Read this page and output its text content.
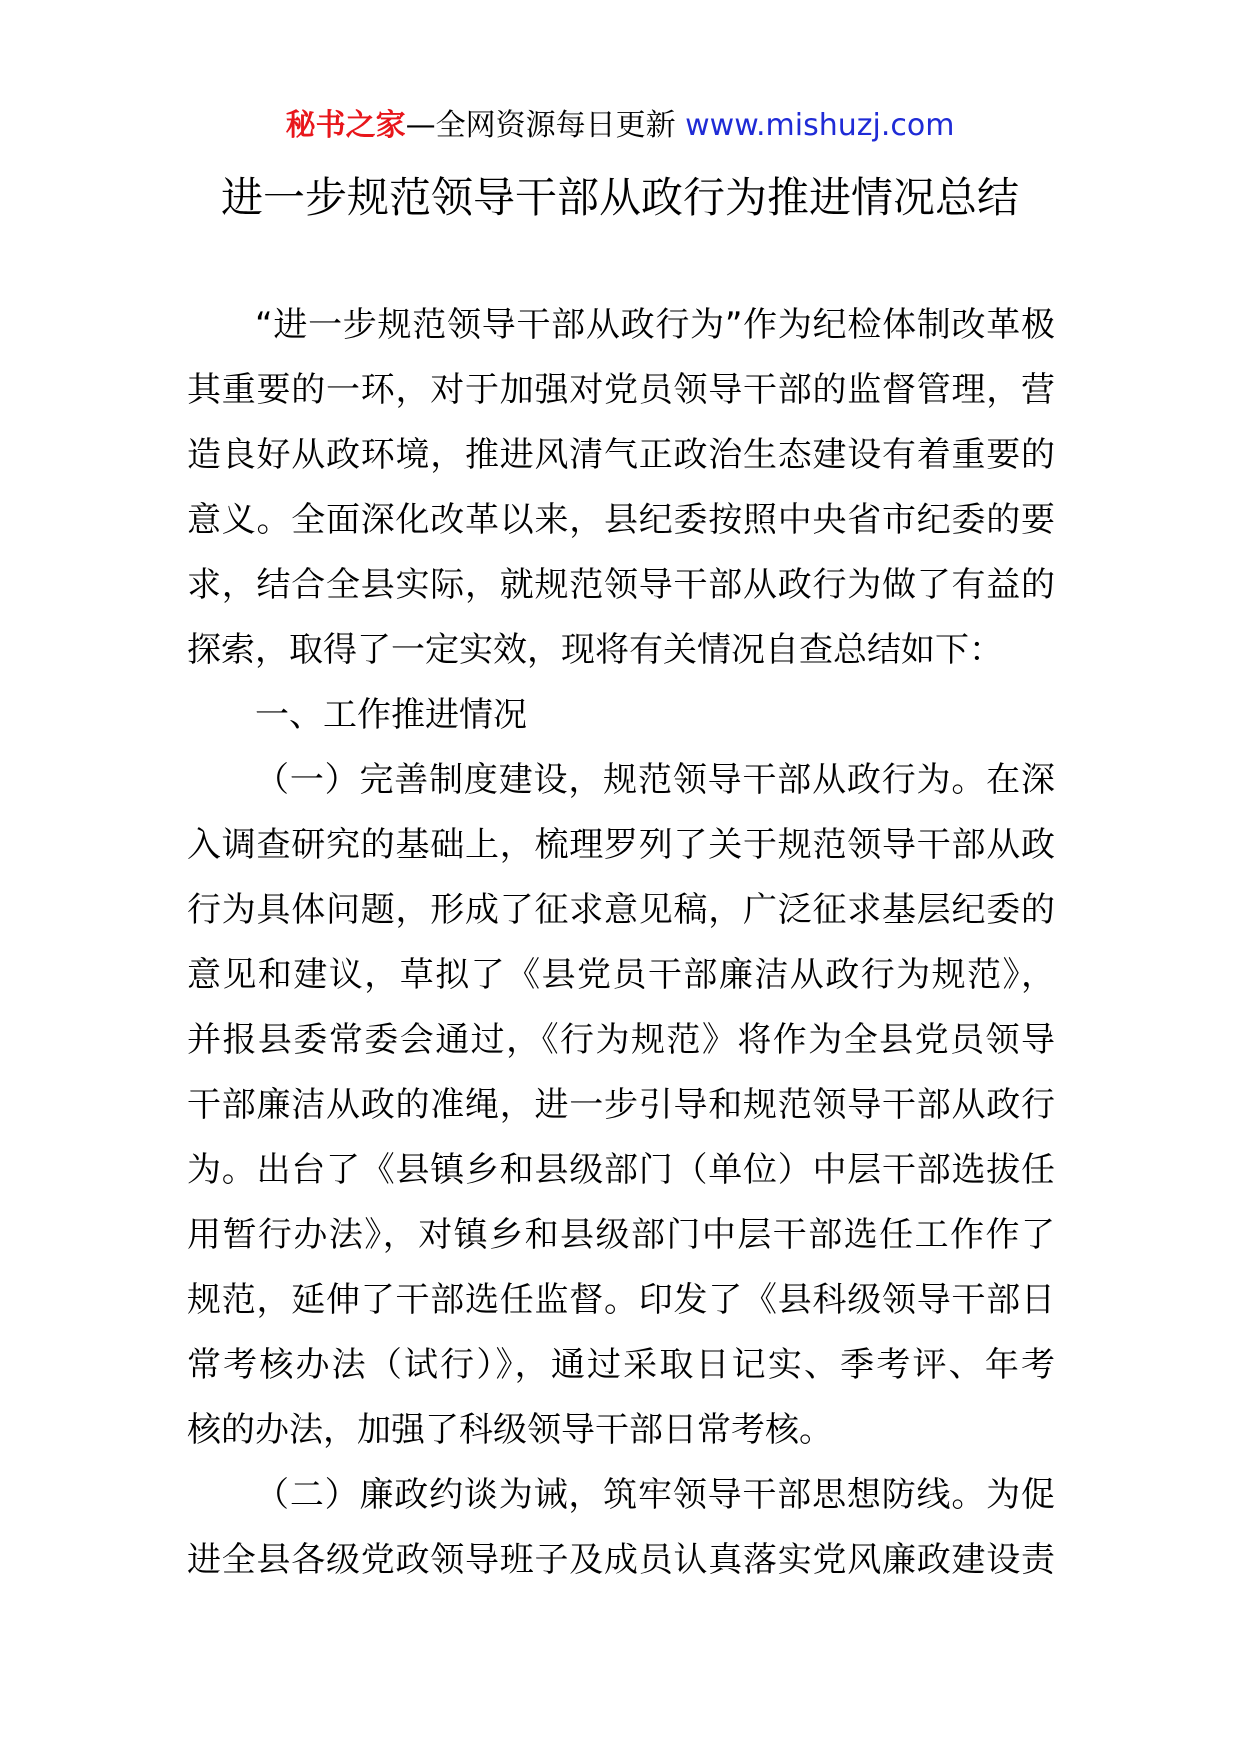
秘书之家—全网资源每日更新 www.mishuzj.com
进一步规范领导干部从政行为推进情况总结
“进一步规范领导干部从政行为”作为纪检体制改革极
其重要的一环，对于加强对党员领导干部的监督管理，营
造良好从政环境，推进风清气正政治生态建设有着重要的
意义。全面深化改革以来，县纪委按照中央省市纪委的要
求，结合全县实际，就规范领导干部从政行为做了有益的
探索，取得了一定实效，现将有关情况自查总结如下：
一、工作推进情况
（一）完善制度建设，规范领导干部从政行为。在深
入调查研究的基础上，梳理罗列了关于规范领导干部从政
行为具体问题，形成了征求意见稿，广泛征求基层纪委的
意见和建议，草拟了《县党员干部廉洁从政行为规范》，
并报县委常委会通过，《行为规范》将作为全县党员领导
干部廉洁从政的准绳，进一步引导和规范领导干部从政行
为。出台了《县镇乡和县级部门（单位）中层干部选拔任
用暂行办法》，对镇乡和县级部门中层干部选任工作作了
规范，延伸了干部选任监督。印发了《县科级领导干部日
常考核办法（试行）》，通过采取日记实、季考评、年考
核的办法，加强了科级领导干部日常考核。
（二）廉政约谈为诫，筑牢领导干部思想防线。为促
进全县各级党政领导班子及成员认真落实党风廉政建设责
